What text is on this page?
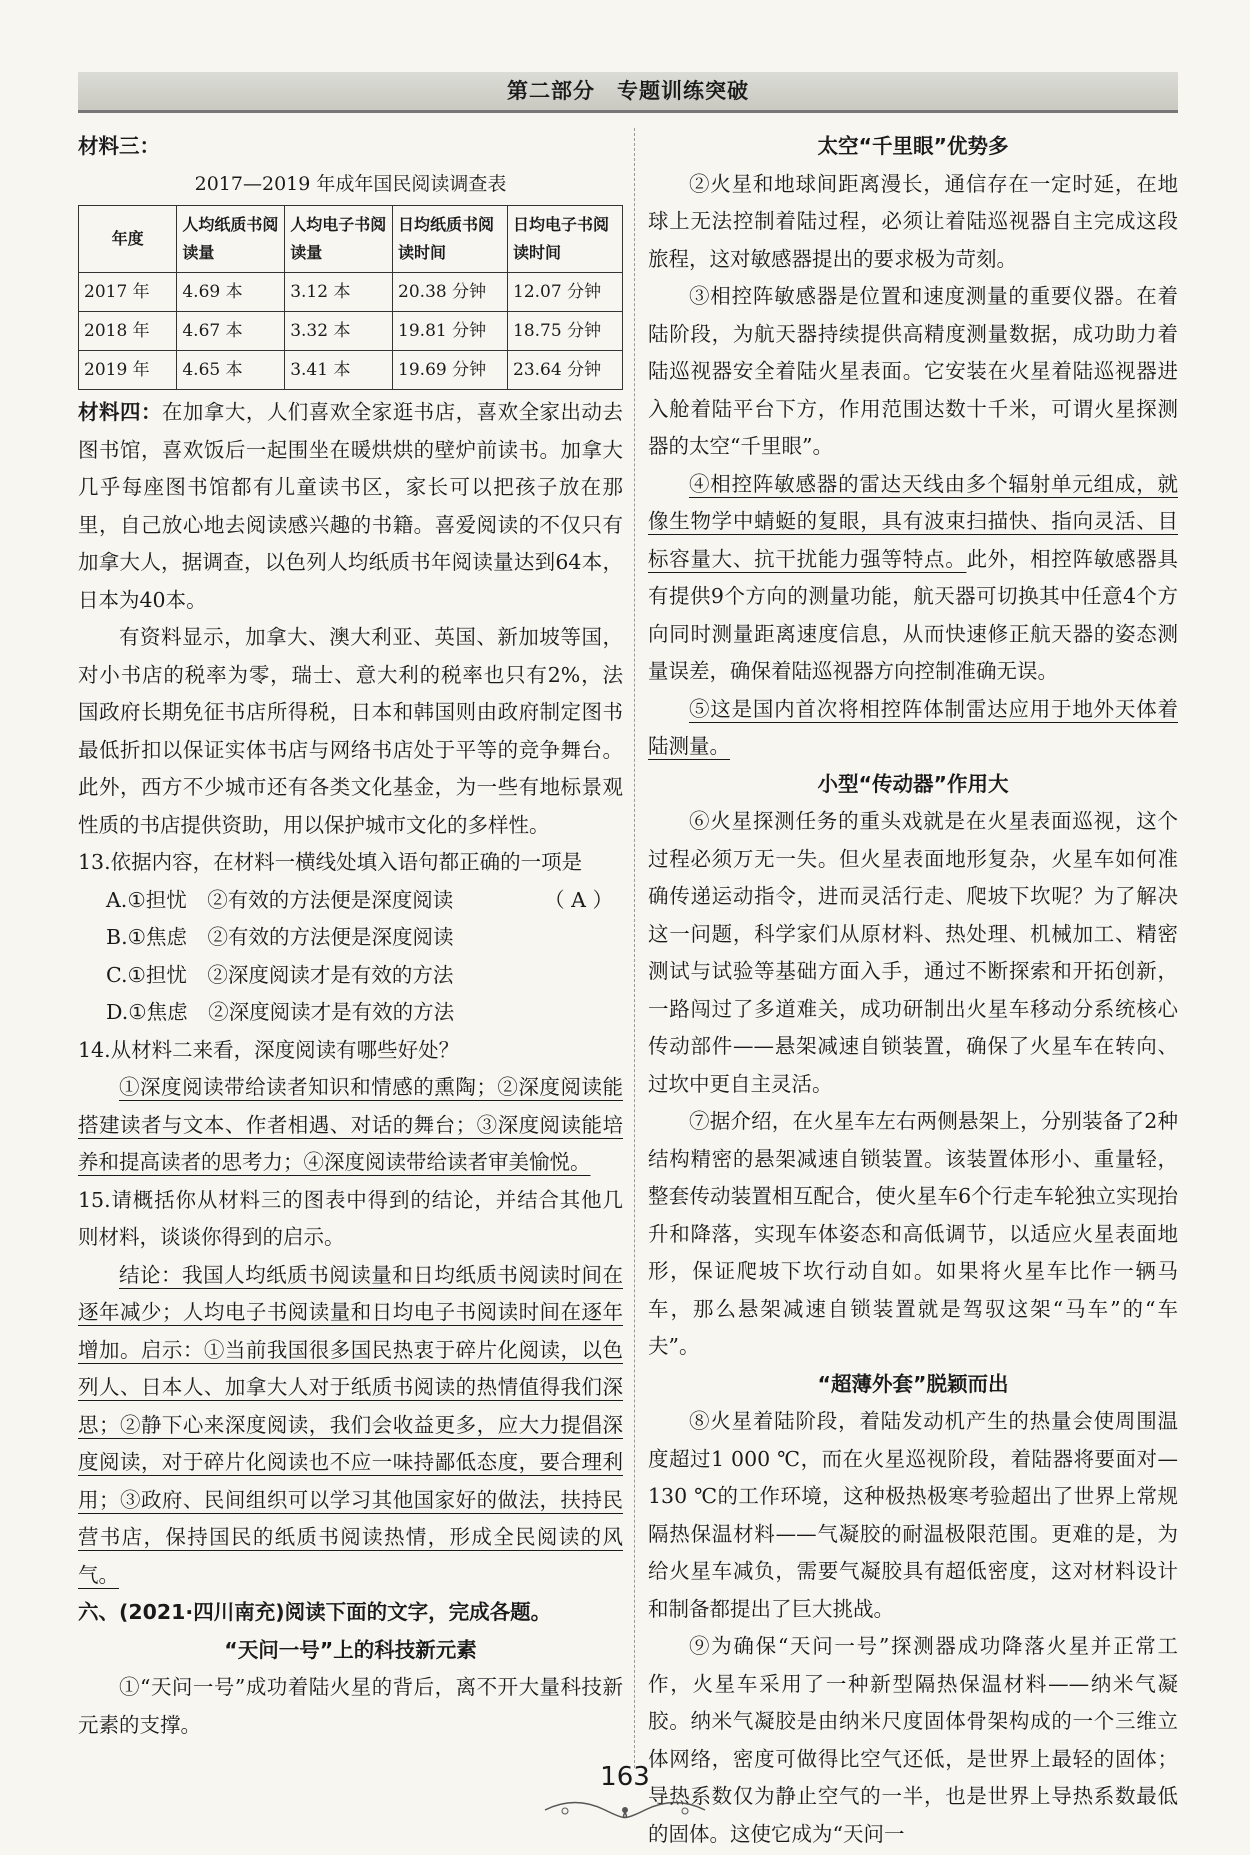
第二部分　专题训练突破

材料三：

2017—2019 年成年国民阅读调查表

年度	人均纸质书阅读量	人均电子书阅读量	日均纸质书阅读时间	日均电子书阅读时间
2017 年	4.69 本	3.12 本	20.38 分钟	12.07 分钟
2018 年	4.67 本	3.32 本	19.81 分钟	18.75 分钟
2019 年	4.65 本	3.41 本	19.69 分钟	23.64 分钟

材料四：在加拿大，人们喜欢全家逛书店，喜欢全家出动去图书馆，喜欢饭后一起围坐在暖烘烘的壁炉前读书。加拿大几乎每座图书馆都有儿童读书区，家长可以把孩子放在那里，自己放心地去阅读感兴趣的书籍。喜爱阅读的不仅只有加拿大人，据调查，以色列人均纸质书年阅读量达到64本，日本为40本。

有资料显示，加拿大、澳大利亚、英国、新加坡等国，对小书店的税率为零，瑞士、意大利的税率也只有2%，法国政府长期免征书店所得税，日本和韩国则由政府制定图书最低折扣以保证实体书店与网络书店处于平等的竞争舞台。此外，西方不少城市还有各类文化基金，为一些有地标景观性质的书店提供资助，用以保护城市文化的多样性。

13.依据内容，在材料一横线处填入语句都正确的一项是
（ A ）

A.①担忧　②有效的方法便是深度阅读

B.①焦虑　②有效的方法便是深度阅读

C.①担忧　②深度阅读才是有效的方法

D.①焦虑　②深度阅读才是有效的方法

14.从材料二来看，深度阅读有哪些好处？

①深度阅读带给读者知识和情感的熏陶；②深度阅读能搭建读者与文本、作者相遇、对话的舞台；③深度阅读能培养和提高读者的思考力；④深度阅读带给读者审美愉悦。

15.请概括你从材料三的图表中得到的结论，并结合其他几则材料，谈谈你得到的启示。

结论：我国人均纸质书阅读量和日均纸质书阅读时间在逐年减少；人均电子书阅读量和日均电子书阅读时间在逐年增加。启示：①当前我国很多国民热衷于碎片化阅读，以色列人、日本人、加拿大人对于纸质书阅读的热情值得我们深思；②静下心来深度阅读，我们会收益更多，应大力提倡深度阅读，对于碎片化阅读也不应一味持鄙低态度，要合理利用；③政府、民间组织可以学习其他国家好的做法，扶持民营书店，保持国民的纸质书阅读热情，形成全民阅读的风气。

六、(2021·四川南充)阅读下面的文字，完成各题。

“天问一号”上的科技新元素

①“天问一号”成功着陆火星的背后，离不开大量科技新元素的支撑。

太空“千里眼”优势多

②火星和地球间距离漫长，通信存在一定时延，在地球上无法控制着陆过程，必须让着陆巡视器自主完成这段旅程，这对敏感器提出的要求极为苛刻。

③相控阵敏感器是位置和速度测量的重要仪器。在着陆阶段，为航天器持续提供高精度测量数据，成功助力着陆巡视器安全着陆火星表面。它安装在火星着陆巡视器进入舱着陆平台下方，作用范围达数十千米，可谓火星探测器的太空“千里眼”。

④相控阵敏感器的雷达天线由多个辐射单元组成，就像生物学中蜻蜓的复眼，具有波束扫描快、指向灵活、目标容量大、抗干扰能力强等特点。此外，相控阵敏感器具有提供9个方向的测量功能，航天器可切换其中任意4个方向同时测量距离速度信息，从而快速修正航天器的姿态测量误差，确保着陆巡视器方向控制准确无误。

⑤这是国内首次将相控阵体制雷达应用于地外天体着陆测量。

小型“传动器”作用大

⑥火星探测任务的重头戏就是在火星表面巡视，这个过程必须万无一失。但火星表面地形复杂，火星车如何准确传递运动指令，进而灵活行走、爬坡下坎呢？为了解决这一问题，科学家们从原材料、热处理、机械加工、精密测试与试验等基础方面入手，通过不断探索和开拓创新，一路闯过了多道难关，成功研制出火星车移动分系统核心传动部件——悬架减速自锁装置，确保了火星车在转向、过坎中更自主灵活。

⑦据介绍，在火星车左右两侧悬架上，分别装备了2种结构精密的悬架减速自锁装置。该装置体形小、重量轻，整套传动装置相互配合，使火星车6个行走车轮独立实现抬升和降落，实现车体姿态和高低调节，以适应火星表面地形，保证爬坡下坎行动自如。如果将火星车比作一辆马车，那么悬架减速自锁装置就是驾驭这架“马车”的“车夫”。

“超薄外套”脱颖而出

⑧火星着陆阶段，着陆发动机产生的热量会使周围温度超过1 000 ℃，而在火星巡视阶段，着陆器将要面对—130 ℃的工作环境，这种极热极寒考验超出了世界上常规隔热保温材料——气凝胶的耐温极限范围。更难的是，为给火星车减负，需要气凝胶具有超低密度，这对材料设计和制备都提出了巨大挑战。

⑨为确保“天问一号”探测器成功降落火星并正常工作，火星车采用了一种新型隔热保温材料——纳米气凝胶。纳米气凝胶是由纳米尺度固体骨架构成的一个三维立体网络，密度可做得比空气还低，是世界上最轻的固体；导热系数仅为静止空气的一半，也是世界上导热系数最低的固体。这使它成为“天问一

163
